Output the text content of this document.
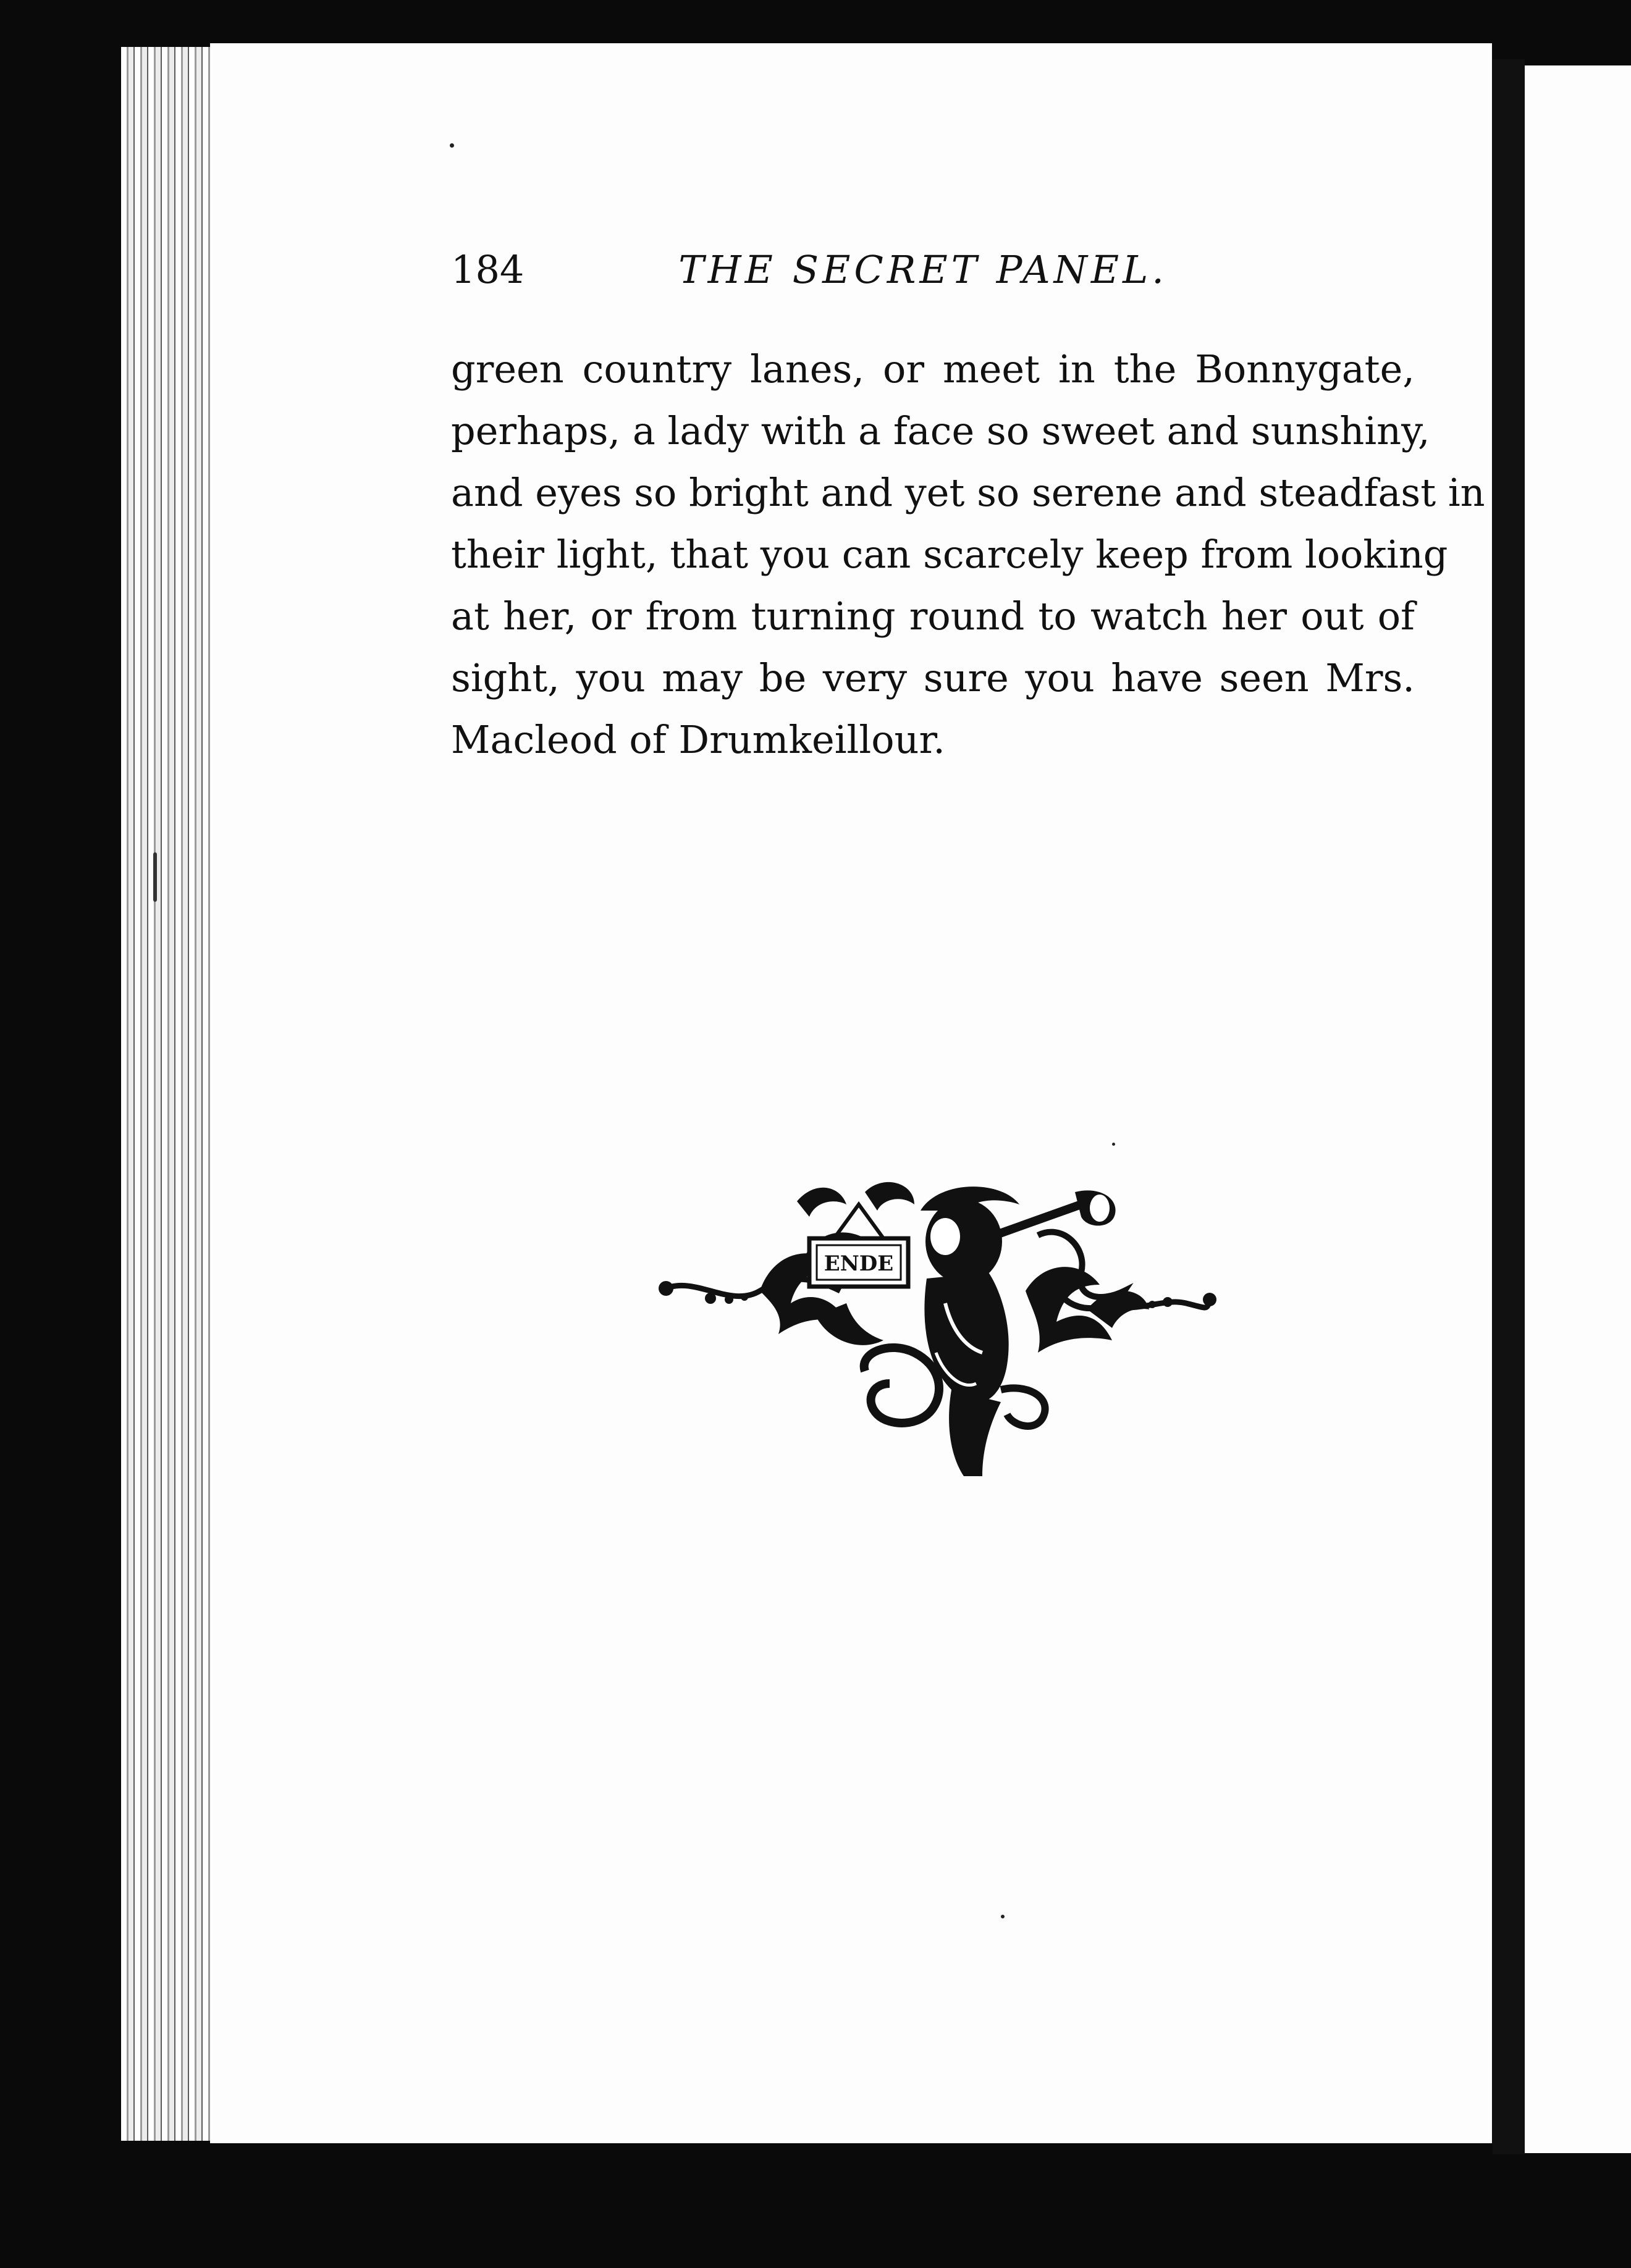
184	THE SECRET PANEL.
green country lanes, or meet in the Bonnygate,
perhaps, a lady with a face so sweet and sunshiny,
and eyes so bright and yet so serene and steadfast in
their light, that you can scarcely keep from looking
at her, or from turning round to watch her out of
sight, you may be very sure you have seen Mrs.
Macleod of Drumkeillour.
ENDE
